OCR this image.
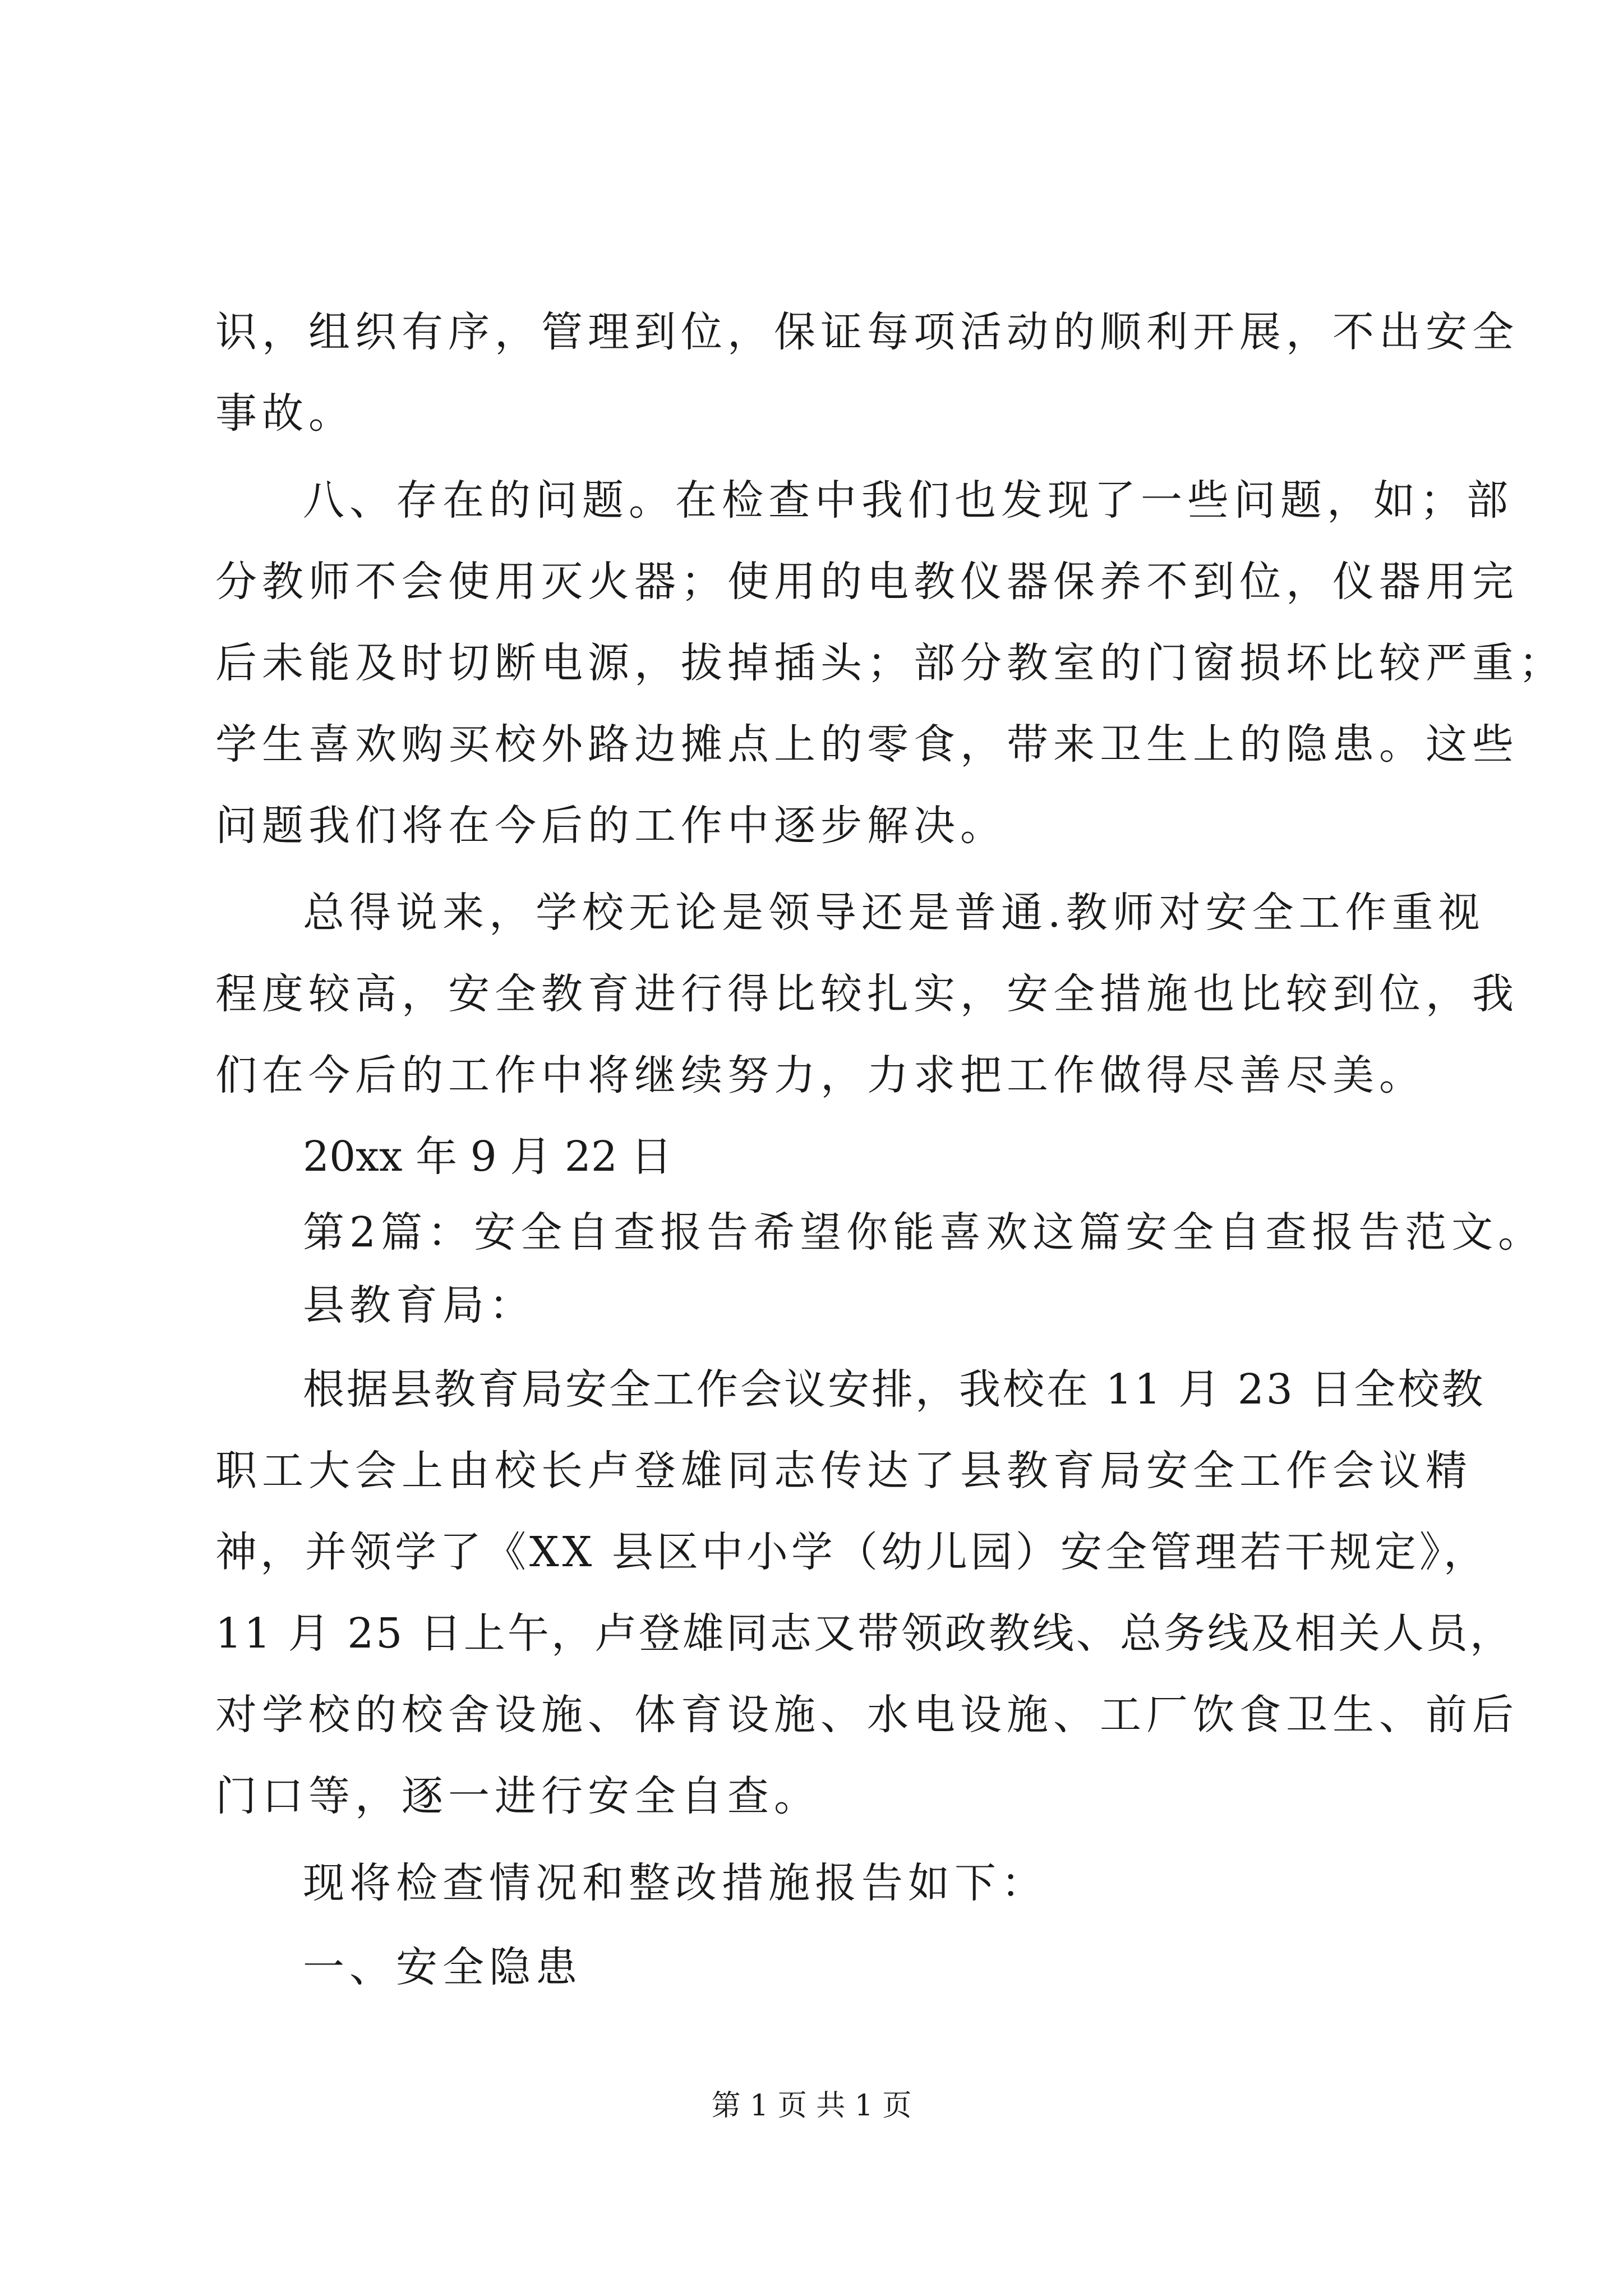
识，组织有序，管理到位，保证每项活动的顺利开展，不出安全
事故。
八、存在的问题。在检查中我们也发现了一些问题，如；部
分教师不会使用灭火器；使用的电教仪器保养不到位，仪器用完
后未能及时切断电源，拔掉插头；部分教室的门窗损坏比较严重；
学生喜欢购买校外路边摊点上的零食，带来卫生上的隐患。这些
问题我们将在今后的工作中逐步解决。
总得说来，学校无论是领导还是普通.教师对安全工作重视
程度较高，安全教育进行得比较扎实，安全措施也比较到位，我
们在今后的工作中将继续努力，力求把工作做得尽善尽美。
20xx 年 9 月 22 日
第2篇：安全自查报告希望你能喜欢这篇安全自查报告范文。
县教育局：
根据县教育局安全工作会议安排，我校在 11 月 23 日全校教
职工大会上由校长卢登雄同志传达了县教育局安全工作会议精
神，并领学了《XX 县区中小学（幼儿园）安全管理若干规定》，
11 月 25 日上午，卢登雄同志又带领政教线、总务线及相关人员，
对学校的校舍设施、体育设施、水电设施、工厂饮食卫生、前后
门口等，逐一进行安全自查。
现将检查情况和整改措施报告如下：
一、安全隐患
第 1 页 共 1 页
